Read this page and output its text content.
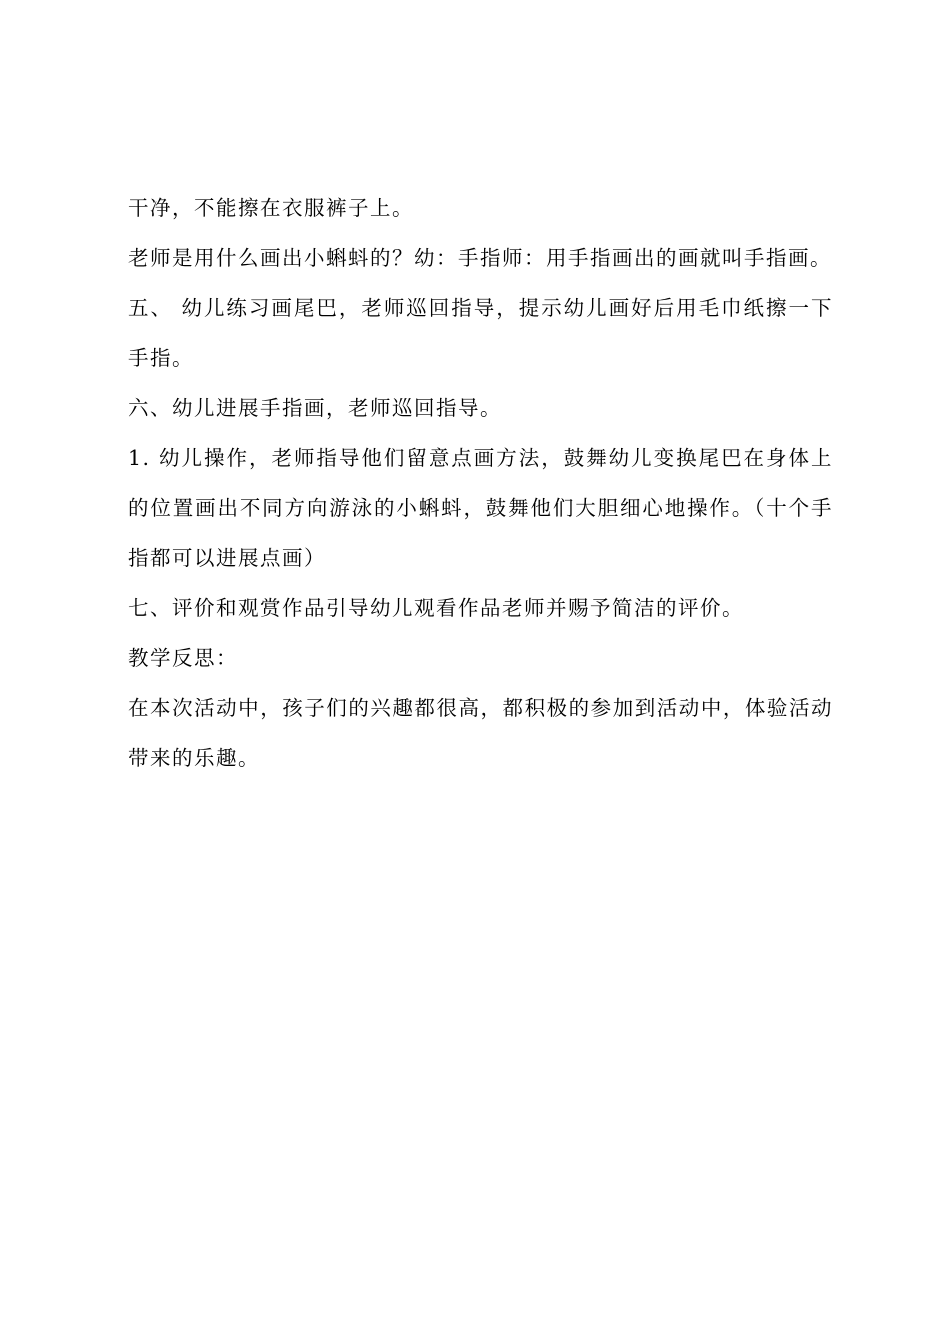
干净，不能擦在衣服裤子上。

老师是用什么画出小蝌蚪的？幼：手指师：用手指画出的画就叫手指画。

五、 幼儿练习画尾巴，老师巡回指导，提示幼儿画好后用毛巾纸擦一下手指。

六、幼儿进展手指画，老师巡回指导。

1. 幼儿操作，老师指导他们留意点画方法，鼓舞幼儿变换尾巴在身体上的位置画出不同方向游泳的小蝌蚪，鼓舞他们大胆细心地操作。（十个手指都可以进展点画）

七、评价和观赏作品引导幼儿观看作品老师并赐予简洁的评价。

教学反思：

在本次活动中，孩子们的兴趣都很高，都积极的参加到活动中，体验活动带来的乐趣。
